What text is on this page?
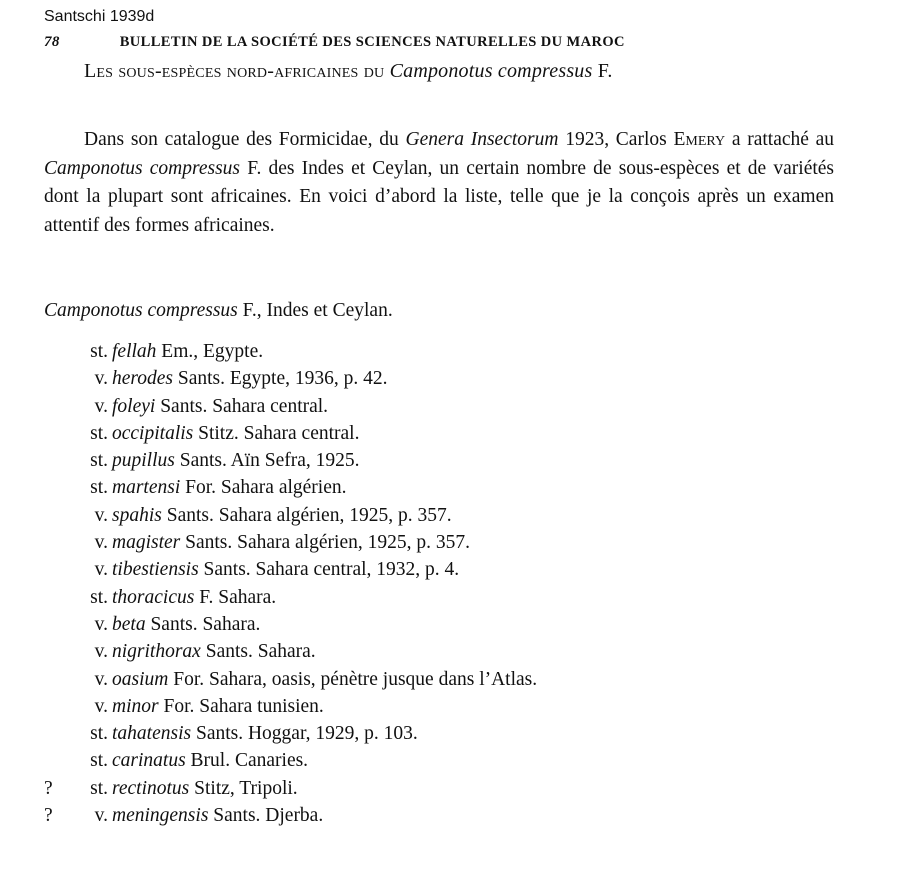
Santschi 1939d
78	BULLETIN DE LA SOCIÉTÉ DES SCIENCES NATURELLES DU MAROC
Les sous-espèces nord-africaines du Camponotus compressus F.

Dans son catalogue des Formicidae, du Genera Insectorum 1923, Carlos Emery a rattaché au Camponotus compressus F. des Indes et Ceylan, un certain nombre de sous-espèces et de variétés dont la plupart sont africaines. En voici d’abord la liste, telle que je la conçois après un examen attentif des formes africaines.

Camponotus compressus F., Indes et Ceylan.
st. fellah Em., Egypte.
v. herodes Sants. Egypte, 1936, p. 42.
v. foleyi Sants. Sahara central.
st. occipitalis Stitz. Sahara central.
st. pupillus Sants. Aïn Sefra, 1925.
st. martensi For. Sahara algérien.
v. spahis Sants. Sahara algérien, 1925, p. 357.
v. magister Sants. Sahara algérien, 1925, p. 357.
v. tibestiensis Sants. Sahara central, 1932, p. 4.
st. thoracicus F. Sahara.
v. beta Sants. Sahara.
v. nigrithorax Sants. Sahara.
v. oasium For. Sahara, oasis, pénètre jusque dans l’Atlas.
v. minor For. Sahara tunisien.
st. tahatensis Sants. Hoggar, 1929, p. 103.
st. carinatus Brul. Canaries.
? st. rectinotus Stitz, Tripoli.
? v. meningensis Sants. Djerba.
